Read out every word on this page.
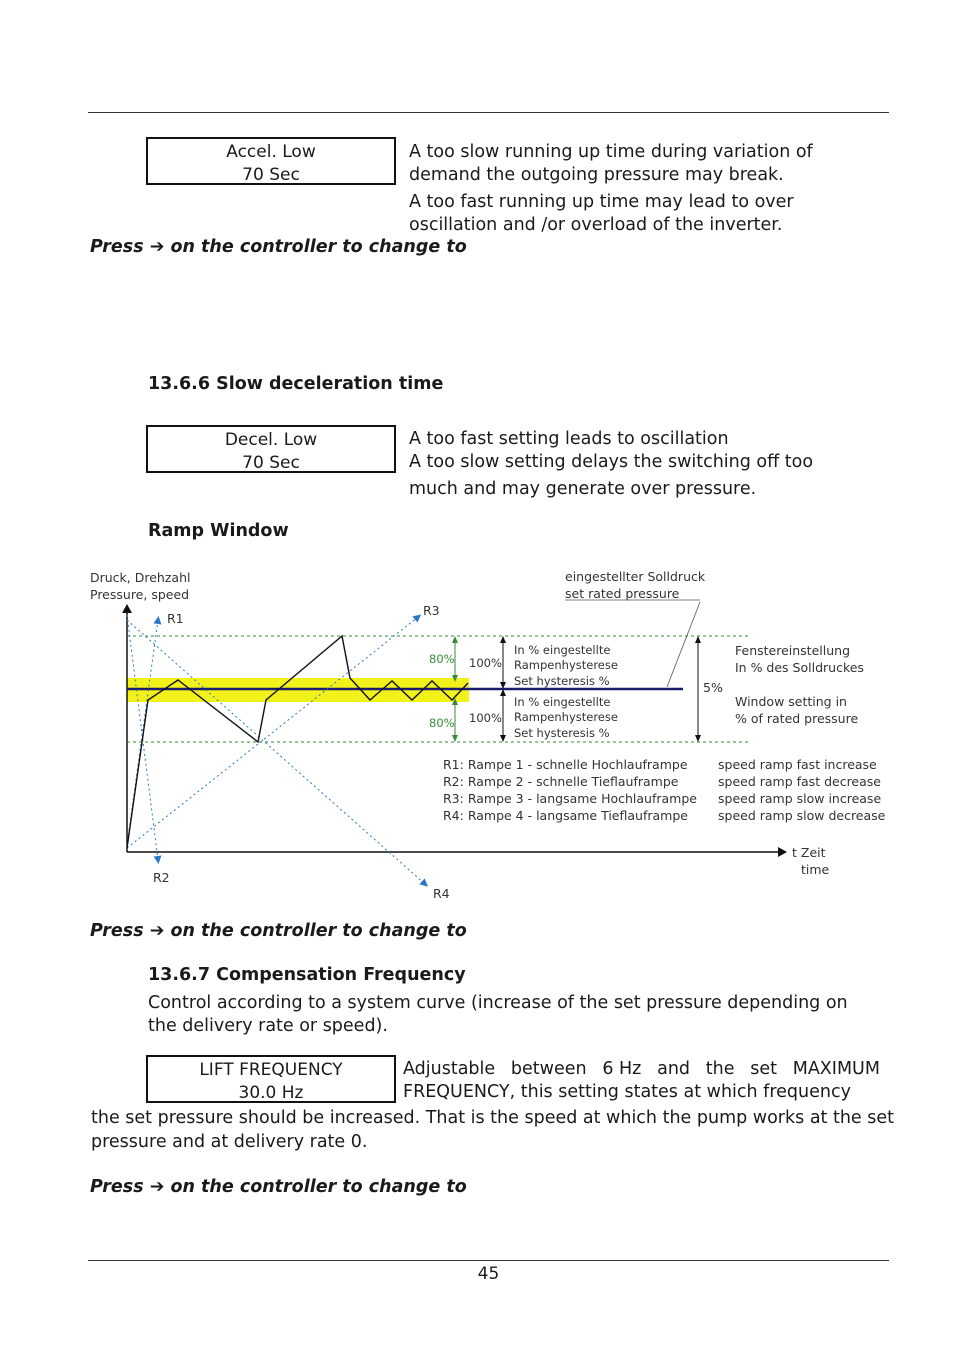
Accel. Low
70 Sec
A too slow running up time during variation of
demand the outgoing pressure may break.
A too fast running up time may lead to over
oscillation and /or overload of the inverter.
Press ➔ on the controller to change to
13.6.6 Slow deceleration time
Decel. Low
70 Sec
A too fast setting leads to oscillation
A too slow setting delays the switching off too
much and may generate over pressure.
Ramp Window
Druck, Drehzahl
Pressure, speed
eingestellter Solldruck
set rated pressure
R1
R2
R3
R4
80%
80%
100%
100%
In % eingestellte
Rampenhysterese
Set hysteresis %
In % eingestellte
Rampenhysterese
Set hysteresis %
Fenstereinstellung
In % des Solldruckes
5%
Window setting in
% of rated pressure
R1: Rampe 1 - schnelle Hochlauframpe
R2: Rampe 2 - schnelle Tieflauframpe
R3: Rampe 3 - langsame Hochlauframpe
R4: Rampe 4 - langsame Tieflauframpe
speed ramp fast increase
speed ramp fast decrease
speed ramp slow increase
speed ramp slow decrease
t Zeit
time
Press ➔ on the controller to change to
13.6.7 Compensation Frequency
Control according to a system curve (increase of the set pressure depending on
the delivery rate or speed).
LIFT FREQUENCY
30.0 Hz
Adjustable between 6 Hz and the set MAXIMUM
FREQUENCY, this setting states at which frequency
the set pressure should be increased. That is the speed at which the pump works at the set
pressure and at delivery rate 0.
Press ➔ on the controller to change to
45
